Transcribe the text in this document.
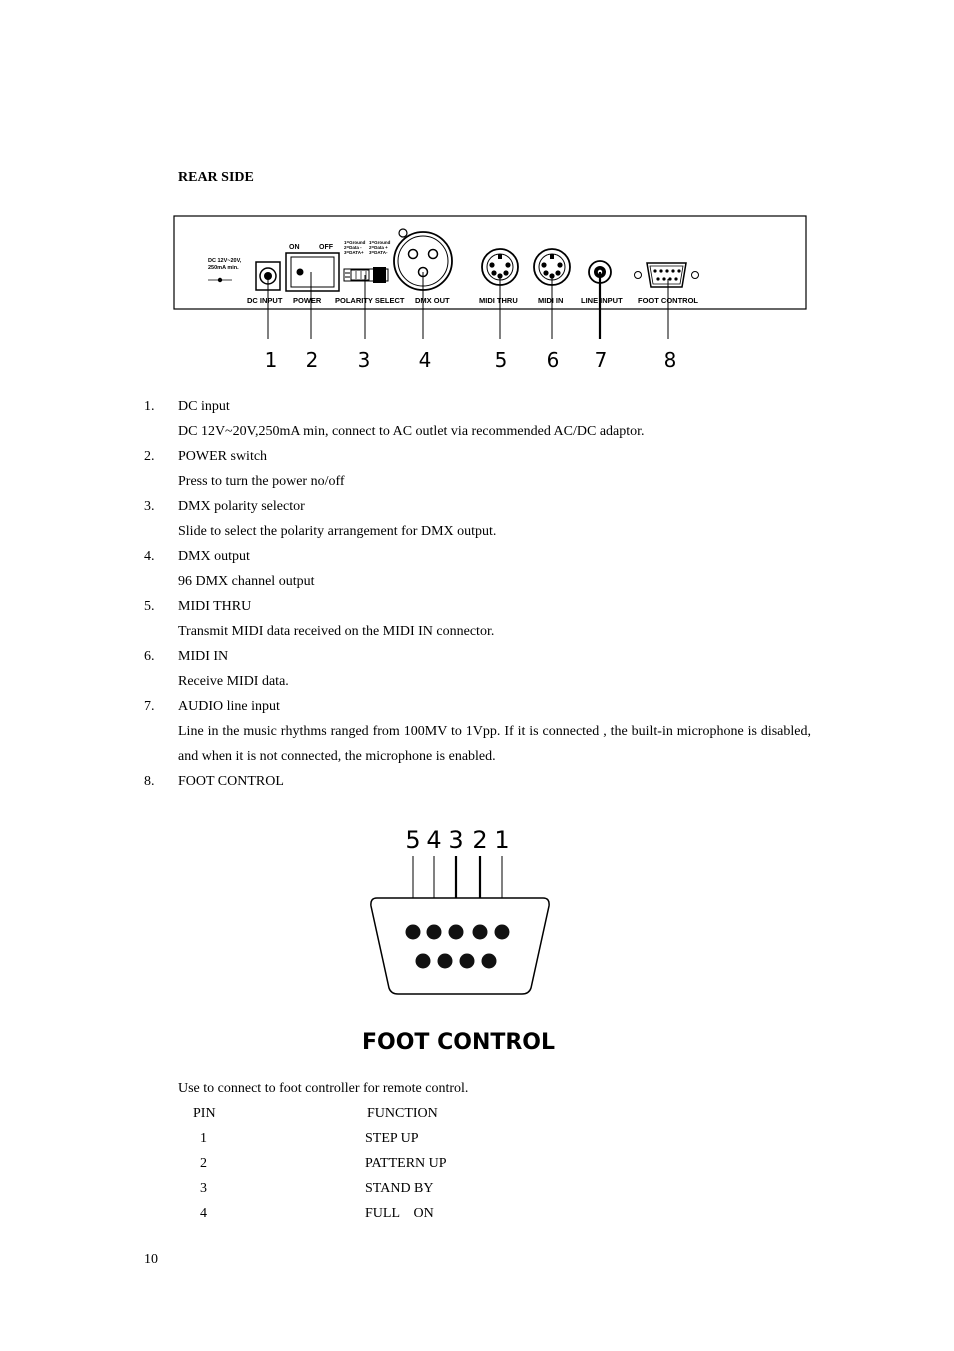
REAR SIDE
DC 12V~20V,
250mA min.
ON	OFF
1=Ground
2=Data -
3=DATA+
1=Ground
2=Data +
3=DATA-
DC INPUT POWER POLARITY SELECT DMX OUT	MIDI THRU	MIDI IN LINE INPUT FOOT CONTROL
1 2 3 4	5 6 7	8
1. DC input
DC 12V~20V,250mA min, connect to AC outlet via recommended AC/DC adaptor.
2. POWER switch
Press to turn the power no/off
3. DMX polarity selector
Slide to select the polarity arrangement for DMX output.
4. DMX output
96 DMX channel output
5. MIDI THRU
Transmit MIDI data received on the MIDI IN connector.
6. MIDI IN
Receive MIDI data.
7. AUDIO line input
Line in the music rhythms ranged from 100MV to 1Vpp. If it is connected , the built-in microphone is disabled, and when it is not connected, the microphone is enabled.
8. FOOT CONTROL
5 4 3 2 1
FOOT CONTROL
Use to connect to foot controller for remote control.
PIN	FUNCTION
1	STEP UP
2	PATTERN UP
3	STAND BY
4	FULL    ON
10
